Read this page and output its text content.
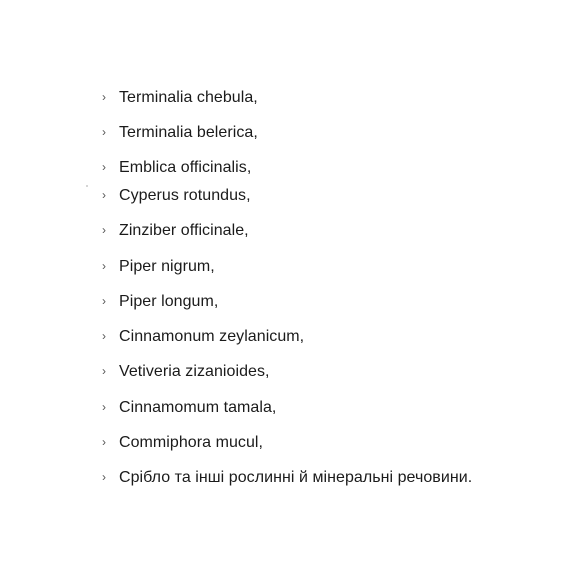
› Terminalia chebula,
› Terminalia belerica,
› Emblica officinalis,
› Cyperus rotundus,
› Zinziber officinale,
› Piper nigrum,
› Piper longum,
› Cinnamonum zeylanicum,
› Vetiveria zizanioides,
› Cinnamomum tamala,
› Commiphora mucul,
› Срібло та інші рослинні й мінеральні речовини.
